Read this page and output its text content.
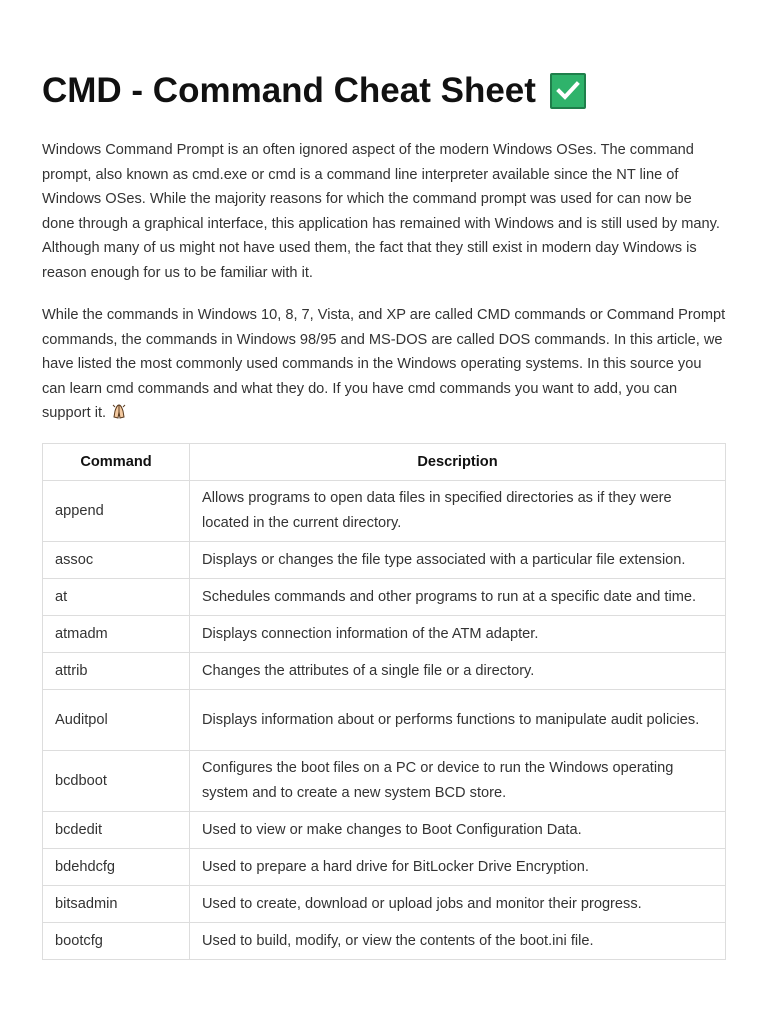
CMD - Command Cheat Sheet

Windows Command Prompt is an often ignored aspect of the modern Windows OSes. The command prompt, also known as cmd.exe or cmd is a command line interpreter available since the NT line of Windows OSes. While the majority reasons for which the command prompt was used for can now be done through a graphical interface, this application has remained with Windows and is still used by many. Although many of us might not have used them, the fact that they still exist in modern day Windows is reason enough for us to be familiar with it.

While the commands in Windows 10, 8, 7, Vista, and XP are called CMD commands or Command Prompt commands, the commands in Windows 98/95 and MS-DOS are called DOS commands. In this article, we have listed the most commonly used commands in the Windows operating systems. In this source you can learn cmd commands and what they do. If you have cmd commands you want to add, you can support it.

Command	Description
append	Allows programs to open data files in specified directories as if they were located in the current directory.
assoc	Displays or changes the file type associated with a particular file extension.
at	Schedules commands and other programs to run at a specific date and time.
atmadm	Displays connection information of the ATM adapter.
attrib	Changes the attributes of a single file or a directory.
Auditpol	Displays information about or performs functions to manipulate audit policies.
bcdboot	Configures the boot files on a PC or device to run the Windows operating system and to create a new system BCD store.
bcdedit	Used to view or make changes to Boot Configuration Data.
bdehdcfg	Used to prepare a hard drive for BitLocker Drive Encryption.
bitsadmin	Used to create, download or upload jobs and monitor their progress.
bootcfg	Used to build, modify, or view the contents of the boot.ini file.
